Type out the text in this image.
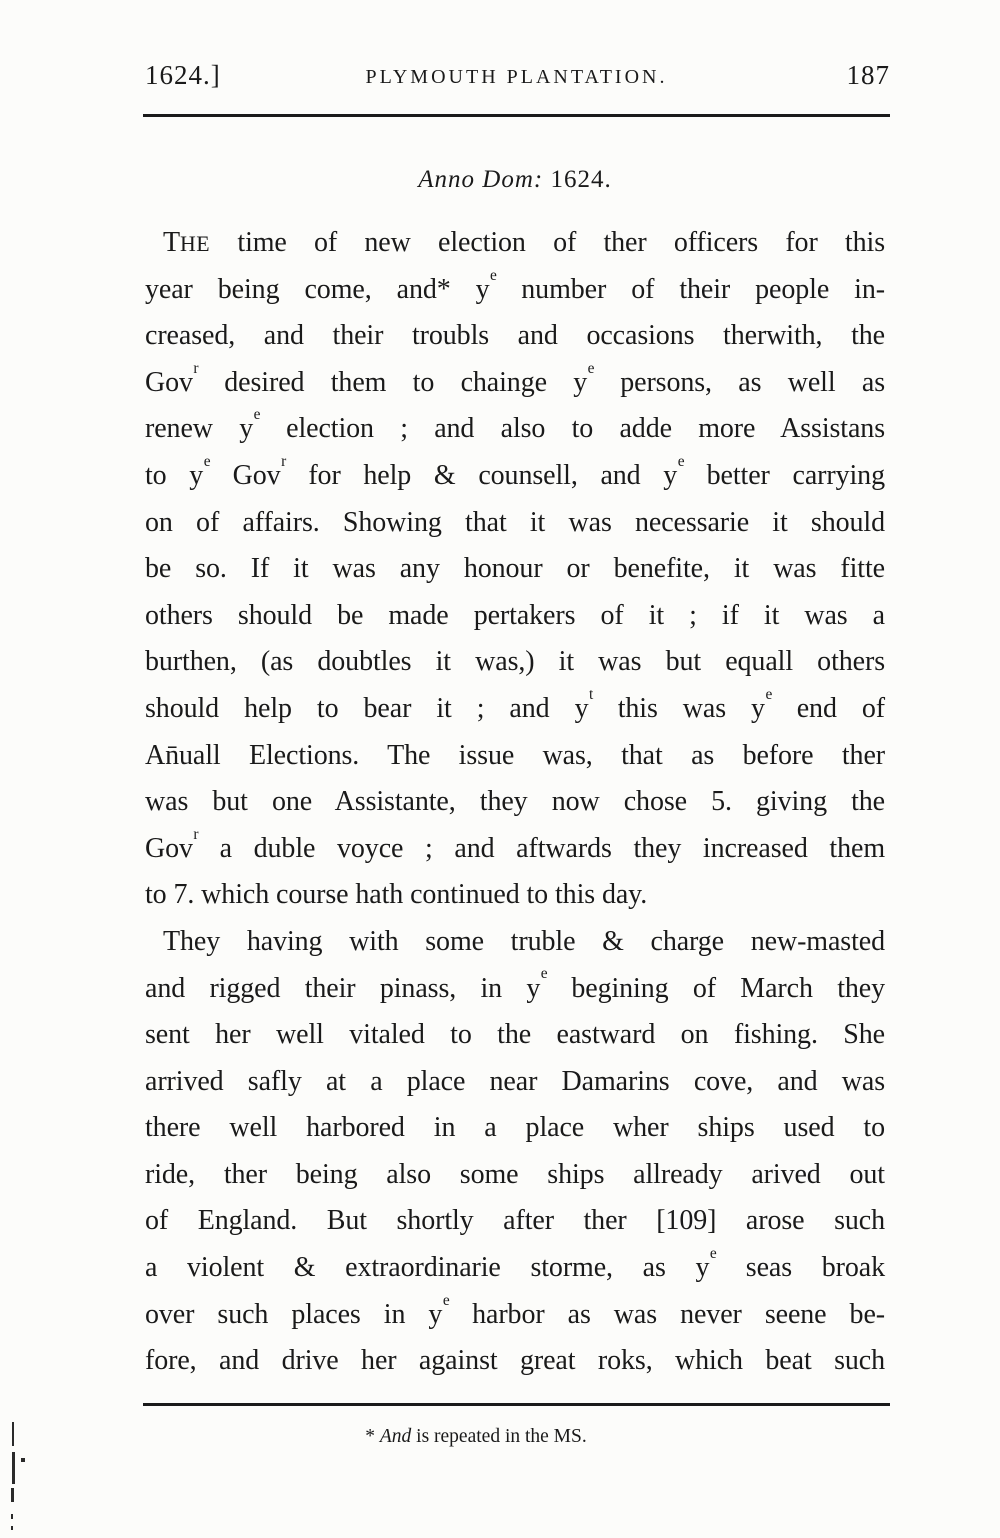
1624.]	PLYMOUTH PLANTATION.	187
Anno Dom: 1624.
THE time of new election of ther officers for this
year being come, and* $y^e$ number of their people in-
creased, and their troubls and occasions therwith, the
Gov$^r$ desired them to chainge $y^e$ persons, as well as
renew $y^e$ election ; and also to adde more Assistans
to $y^e$ Gov$^r$ for help & counsell, and $y^e$ better carrying
on of affairs. Showing that it was necessarie it should
be so. If it was any honour or benefite, it was fitte
others should be made pertakers of it ; if it was a
burthen, (as doubtles it was,) it was but equall others
should help to bear it ; and $y^t$ this was $y^e$ end of
An̄uall Elections. The issue was, that as before ther
was but one Assistante, they now chose 5. giving the
Gov$^r$ a duble voyce ; and aftwards they increased them
to 7. which course hath continued to this day.
They having with some truble & charge new-masted
and rigged their pinass, in $y^e$ begining of March they
sent her well vitaled to the eastward on fishing. She
arrived safly at a place near Damarins cove, and was
there well harbored in a place wher ships used to
ride, ther being also some ships allready arived out
of England. But shortly after ther [109] arose such
a violent & extraordinarie storme, as $y^e$ seas broak
over such places in $y^e$ harbor as was never seene be-
fore, and drive her against great roks, which beat such
* And is repeated in the MS.
